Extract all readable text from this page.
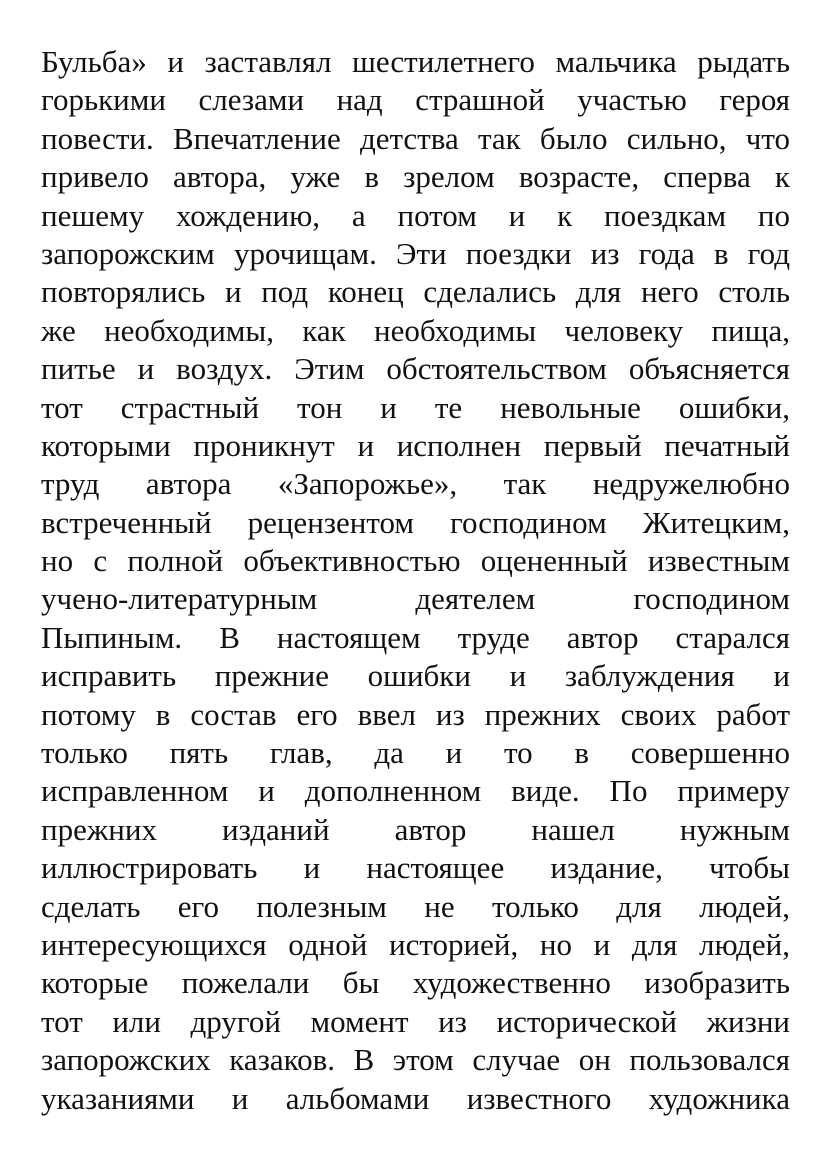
Бульба» и заставлял шестилетнего мальчика рыдать
горькими слезами над страшной участью героя
повести. Впечатление детства так было сильно, что
привело автора, уже в зрелом возрасте, сперва к
пешему хождению, а потом и к поездкам по
запорожским урочищам. Эти поездки из года в год
повторялись и под конец сделались для него столь
же необходимы, как необходимы человеку пища,
питье и воздух. Этим обстоятельством объясняется
тот страстный тон и те невольные ошибки,
которыми проникнут и исполнен первый печатный
труд автора «Запорожье», так недружелюбно
встреченный рецензентом господином Житецким,
но с полной объективностью оцененный известным
учено-литературным деятелем господином
Пыпиным. В настоящем труде автор старался
исправить прежние ошибки и заблуждения и
потому в состав его ввел из прежних своих работ
только пять глав, да и то в совершенно
исправленном и дополненном виде. По примеру
прежних изданий автор нашел нужным
иллюстрировать и настоящее издание, чтобы
сделать его полезным не только для людей,
интересующихся одной историей, но и для людей,
которые пожелали бы художественно изобразить
тот или другой момент из исторической жизни
запорожских казаков. В этом случае он пользовался
указаниями и альбомами известного художника
